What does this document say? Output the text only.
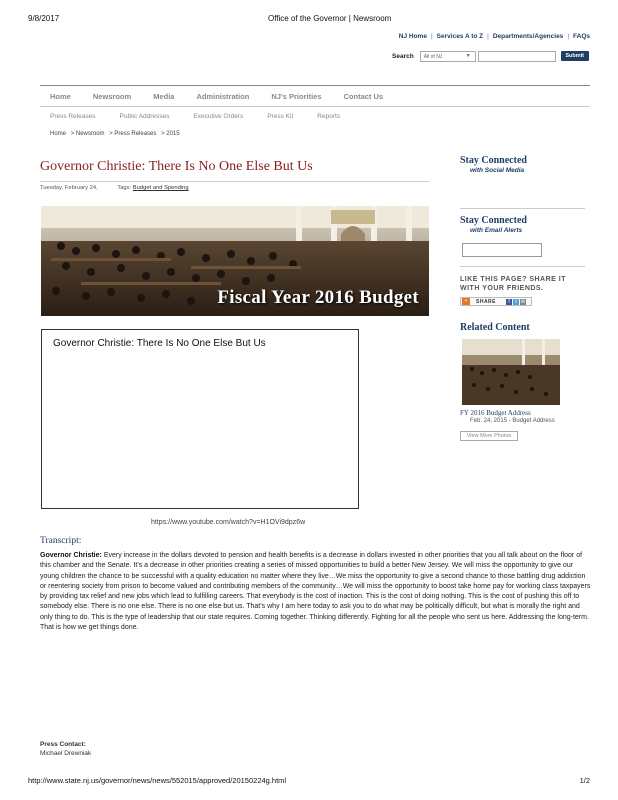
9/8/2017	Office of the Governor | Newsroom
NJ Home | Services A to Z | Departments/Agencies | FAQs
Search	All of NJ	▼	Submit
Home	Newsroom	Media	Administration	NJ's Priorities	Contact Us
Press Releases	Public Addresses	Executive Orders	Press Kit	Reports
Home > Newsroom > Press Releases > 2015
Governor Christie: There Is No One Else But Us
Tuesday, February 24,	Tags: Budget and Spending
Fiscal Year 2016 Budget
Governor Christie: There Is No One Else But Us
https://www.youtube.com/watch?v=H1OVi9dpz6w
Transcript:

Governor Christie: Every increase in the dollars devoted to pension and health benefits is a decrease in dollars invested in other priorities that you all talk about on the floor of this chamber and the Senate. It’s a decrease in other priorities creating a series of missed opportunities to build a better New Jersey. We will miss the opportunity to give our young children the chance to be successful with a quality education no matter where they live…We miss the opportunity to give a second chance to those battling drug addiction or reentering society from prison to become valued and contributing members of the community…We will miss the opportunity to boost take home pay for working class taxpayers by providing tax relief and new jobs which lead to fulfilling careers. That everybody is the cost of inaction. This is the cost of doing nothing. This is the cost of pushing this off to somebody else. There is no one else. There is no one else but us. That’s why I am here today to ask you to do what may be politically difficult, but what is morally the right and only thing to do. This is the type of leadership that our state requires. Coming together. Thinking differently. Fighting for all the people who sent us here. Addressing the long-term. That is how we get things done.

Press Contact:
Michael Drewniak
Stay Connected
with Social Media
Stay Connected
with Email Alerts
LIKE THIS PAGE? SHARE IT
WITH YOUR FRIENDS.
+	SHARE	f	t ✉
Related Content
FY 2016 Budget Address
Feb. 24, 2015 - Budget Address
View More Photos
http://www.state.nj.us/governor/news/news/552015/approved/20150224g.html	1/2
